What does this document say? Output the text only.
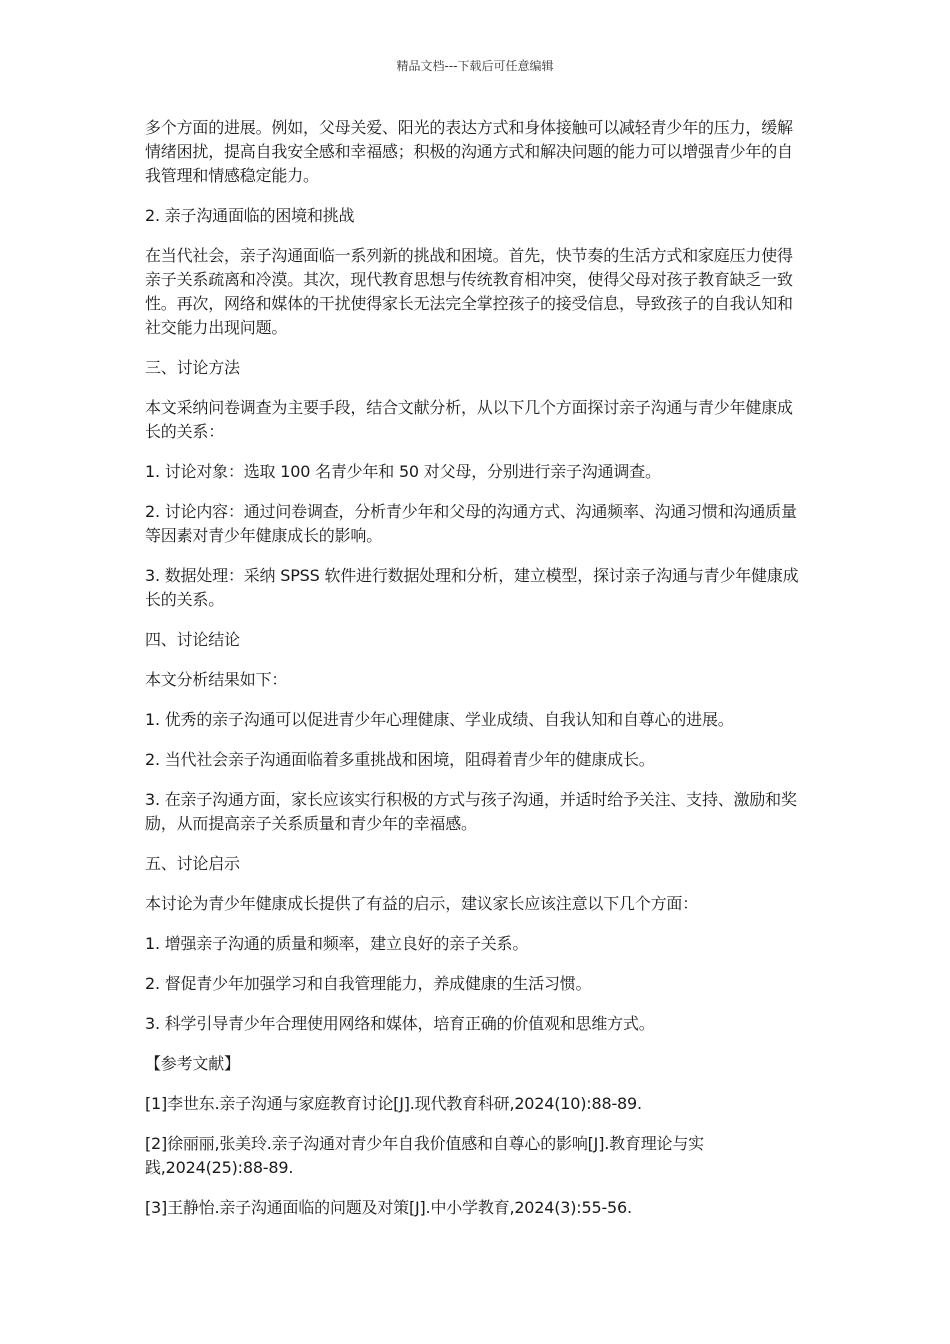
精品文档---下载后可任意编辑

多个方面的进展。例如，父母关爱、阳光的表达方式和身体接触可以减轻青少年的压力，缓解情绪困扰，提高自我安全感和幸福感；积极的沟通方式和解决问题的能力可以增强青少年的自我管理和情感稳定能力。

2. 亲子沟通面临的困境和挑战

在当代社会，亲子沟通面临一系列新的挑战和困境。首先，快节奏的生活方式和家庭压力使得亲子关系疏离和冷漠。其次，现代教育思想与传统教育相冲突，使得父母对孩子教育缺乏一致性。再次，网络和媒体的干扰使得家长无法完全掌控孩子的接受信息，导致孩子的自我认知和社交能力出现问题。

三、讨论方法

本文采纳问卷调查为主要手段，结合文献分析，从以下几个方面探讨亲子沟通与青少年健康成长的关系：

1. 讨论对象：选取 100 名青少年和 50 对父母，分别进行亲子沟通调查。

2. 讨论内容：通过问卷调查，分析青少年和父母的沟通方式、沟通频率、沟通习惯和沟通质量等因素对青少年健康成长的影响。

3. 数据处理：采纳 SPSS 软件进行数据处理和分析，建立模型，探讨亲子沟通与青少年健康成长的关系。

四、讨论结论

本文分析结果如下：

1. 优秀的亲子沟通可以促进青少年心理健康、学业成绩、自我认知和自尊心的进展。

2. 当代社会亲子沟通面临着多重挑战和困境，阻碍着青少年的健康成长。

3. 在亲子沟通方面，家长应该实行积极的方式与孩子沟通，并适时给予关注、支持、激励和奖励，从而提高亲子关系质量和青少年的幸福感。

五、讨论启示

本讨论为青少年健康成长提供了有益的启示，建议家长应该注意以下几个方面：

1. 增强亲子沟通的质量和频率，建立良好的亲子关系。

2. 督促青少年加强学习和自我管理能力，养成健康的生活习惯。

3. 科学引导青少年合理使用网络和媒体，培育正确的价值观和思维方式。

【参考文献】

[1]李世东.亲子沟通与家庭教育讨论[J].现代教育科研,2024(10):88-89.

[2]徐丽丽,张美玲.亲子沟通对青少年自我价值感和自尊心的影响[J].教育理论与实践,2024(25):88-89.

[3]王静怡.亲子沟通面临的问题及对策[J].中小学教育,2024(3):55-56.
